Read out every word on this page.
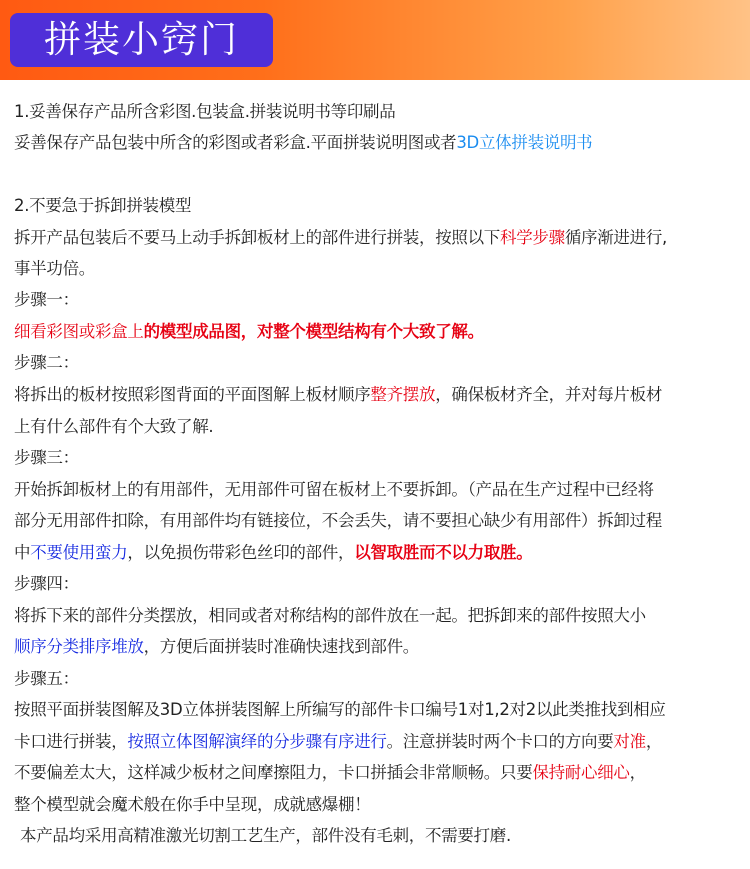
拼装小窍门
1.妥善保存产品所含彩图.包装盒.拼装说明书等印刷品
妥善保存产品包装中所含的彩图或者彩盒.平面拼装说明图或者3D立体拼装说明书
2.不要急于拆卸拼装模型
拆开产品包装后不要马上动手拆卸板材上的部件进行拼装，按照以下科学步骤循序渐进进行,
事半功倍。
步骤一：
细看彩图或彩盒上的模型成品图，对整个模型结构有个大致了解。
步骤二：
将拆出的板材按照彩图背面的平面图解上板材顺序整齐摆放，确保板材齐全，并对每片板材
上有什么部件有个大致了解.
步骤三：
开始拆卸板材上的有用部件，无用部件可留在板材上不要拆卸。（产品在生产过程中已经将
部分无用部件扣除，有用部件均有链接位，不会丢失，请不要担心缺少有用部件）拆卸过程
中不要使用蛮力，以免损伤带彩色丝印的部件，以智取胜而不以力取胜。
步骤四：
将拆下来的部件分类摆放，相同或者对称结构的部件放在一起。把拆卸来的部件按照大小
顺序分类排序堆放，方便后面拼装时准确快速找到部件。
步骤五：
按照平面拼装图解及3D立体拼装图解上所编写的部件卡口编号1对1,2对2以此类推找到相应
卡口进行拼装，按照立体图解演绎的分步骤有序进行。注意拼装时两个卡口的方向要对准，
不要偏差太大，这样减少板材之间摩擦阻力，卡口拼插会非常顺畅。只要保持耐心细心，
整个模型就会魔术般在你手中呈现，成就感爆棚！
本产品均采用高精准激光切割工艺生产，部件没有毛刺，不需要打磨.
